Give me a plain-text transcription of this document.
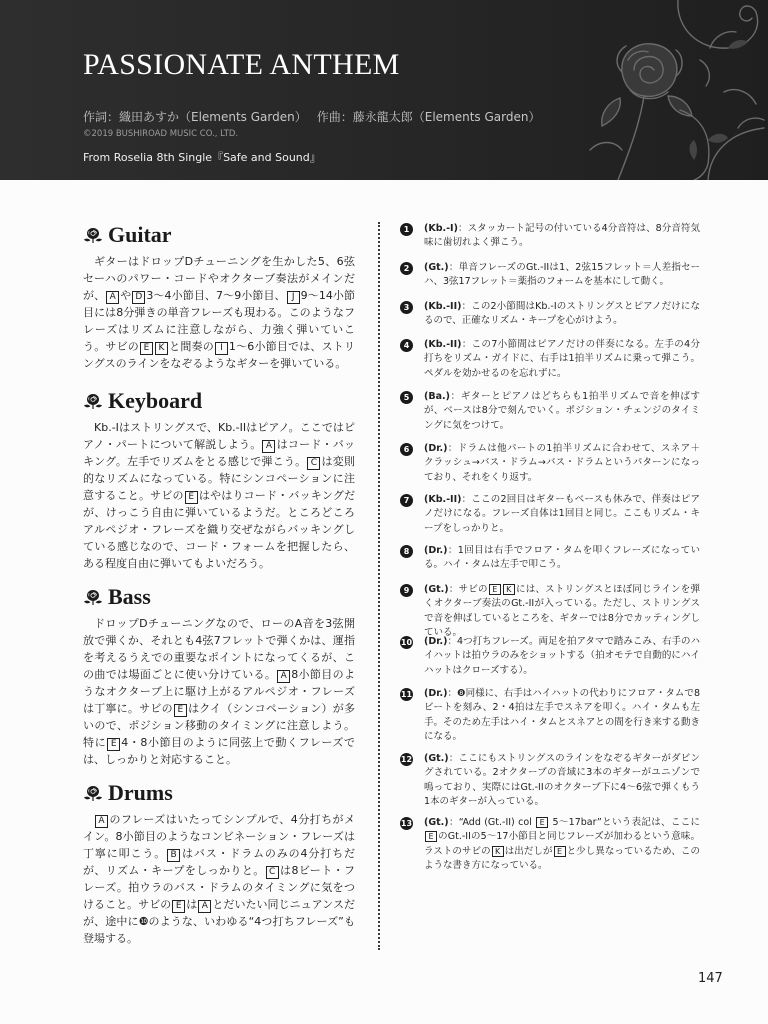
PASSIONATE ANTHEM
作詞：織田あすか（Elements Garden） 作曲：藤永龍太郎（Elements Garden）
©2019 BUSHIROAD MUSIC CO., LTD.
From Roselia 8th Single『Safe and Sound』
Guitar

ギターはドロップDチューニングを生かした5、6弦セーハのパワー・コードやオクターブ奏法がメインだが、 A や D 3～4小節目、7～9小節目、 J 9～14小節目には8分弾きの単音フレーズも現わる。このようなフレーズはリズムに注意しながら、力強く弾いていこう。サビの E K と間奏の I 1～6小節目では、ストリングスのラインをなぞるようなギターを弾いている。

Keyboard

Kb.-Iはストリングスで、Kb.-IIはピアノ。ここではピアノ・パートについて解説しよう。 A はコード・バッキング。左手でリズムをとる感じで弾こう。 C は変則的なリズムになっている。特にシンコペーションに注意すること。サビの E はやはりコード・バッキングだが、けっこう自由に弾いているようだ。ところどころアルペジオ・フレーズを織り交ぜながらバッキングしている感じなので、コード・フォームを把握したら、ある程度自由に弾いてもよいだろう。

Bass

ドロップDチューニングなので、ローのA音を3弦開放で弾くか、それとも4弦7フレットで弾くかは、運指を考えるうえでの重要なポイントになってくるが、この曲では場面ごとに使い分けている。 A 8小節目のようなオクターブ上に駆け上がるアルペジオ・フレーズは丁寧に。サビの E はクイ（シンコペーション）が多いので、ポジション移動のタイミングに注意しよう。特に E 4・8小節目のように同弦上で動くフレーズでは、しっかりと対応すること。

Drums

A のフレーズはいたってシンプルで、4分打ちがメイン。8小節目のようなコンビネーション・フレーズは丁寧に叩こう。 B はバス・ドラムのみの4分打ちだが、リズム・キープをしっかりと。 C は8ビート・フレーズ。拍ウラのバス・ドラムのタイミングに気をつけること。サビの E は A とだいたい同じニュアンスだが、途中に❿のような、いわゆる“4つ打ちフレーズ”も登場する。

1	(Kb.-I)：スタッカート記号の付いている4分音符は、8分音符気味に歯切れよく弾こう。

2	(Gt.)：単音フレーズのGt.-IIは1、2弦15フレット＝人差指セーハ、3弦17フレット＝薬指のフォームを基本にして動く。

3	(Kb.-II)：この2小節間はKb.-Iのストリングスとピアノだけになるので、正確なリズム・キープを心がけよう。

4	(Kb.-II)：この7小節間はピアノだけの伴奏になる。左手の4分打ちをリズム・ガイドに、右手は1拍半リズムに乗って弾こう。ペダルを効かせるのを忘れずに。

5	(Ba.)：ギターとピアノはどちらも1拍半リズムで音を伸ばすが、ベースは8分で刻んでいく。ポジション・チェンジのタイミングに気をつけて。

6	(Dr.)：ドラムは他パートの1拍半リズムに合わせて、スネア＋クラッシュ→バス・ドラム→バス・ドラムというパターンになっており、それをくり返す。

7	(Kb.-II)：ここの2回目はギターもベースも休みで、伴奏はピアノだけになる。フレーズ自体は1回目と同じ。ここもリズム・キープをしっかりと。

8	(Dr.)：1回目は右手でフロア・タムを叩くフレーズになっている。ハイ・タムは左手で叩こう。

9	(Gt.)：サビの E K には、ストリングスとほぼ同じラインを弾くオクターブ奏法のGt.-IIが入っている。ただし、ストリングスで音を伸ばしているところを、ギターでは8分でカッティングしている。

10 (Dr.)：4つ打ちフレーズ。両足を拍アタマで踏みこみ、右手のハイハットは拍ウラのみをショットする（拍オモテで自動的にハイハットはクローズする）。

11 (Dr.)：❽同様に、右手はハイハットの代わりにフロア・タムで8ビートを刻み、2・4拍は左手でスネアを叩く。ハイ・タムも左手。そのため左手はハイ・タムとスネアとの間を行き来する動きになる。

12 (Gt.)：ここにもストリングスのラインをなぞるギターがダビングされている。2オクターブの音域に3本のギターがユニゾンで鳴っており、実際にはGt.-IIのオクターブ下に4～6弦で弾くもう1本のギターが入っている。

13 (Gt.)：“Add (Gt.-II) col E 5～17bar”という表記は、ここにE のGt.-IIの5～17小節目と同じフレーズが加わるという意味。ラストのサビの K は出だしが E と少し異なっているため、このような書き方になっている。

147
